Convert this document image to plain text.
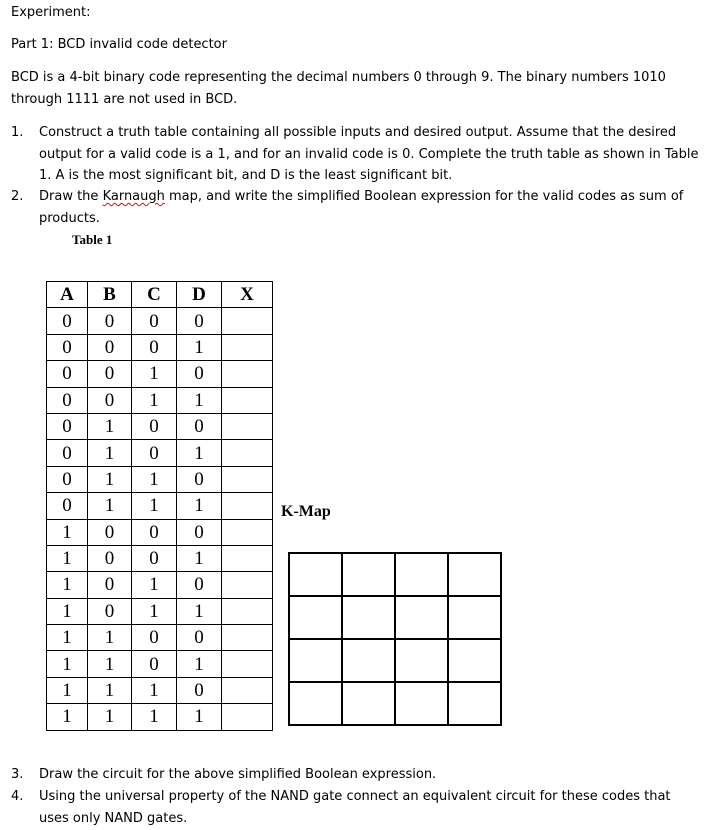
Experiment:
Part 1: BCD invalid code detector
BCD is a 4-bit binary code representing the decimal numbers 0 through 9. The binary numbers 1010
through 1111 are not used in BCD.
1.	Construct a truth table containing all possible inputs and desired output. Assume that the desired
output for a valid code is a 1, and for an invalid code is 0. Complete the truth table as shown in Table
1. A is the most significant bit, and D is the least significant bit.
2.	Draw the Karnaugh map, and write the simplified Boolean expression for the valid codes as sum of
products.
Table 1
A	B	C	D	X
0	0	0	0	
0	0	0	1	
0	0	1	0	
0	0	1	1	
0	1	0	0	
0	1	0	1	
0	1	1	0	
0	1	1	1	
1	0	0	0	
1	0	0	1	
1	0	1	0	
1	0	1	1	
1	1	0	0	
1	1	0	1	
1	1	1	0	
1	1	1	1	
K-Map

3.	Draw the circuit for the above simplified Boolean expression.
4.	Using the universal property of the NAND gate connect an equivalent circuit for these codes that
uses only NAND gates.
